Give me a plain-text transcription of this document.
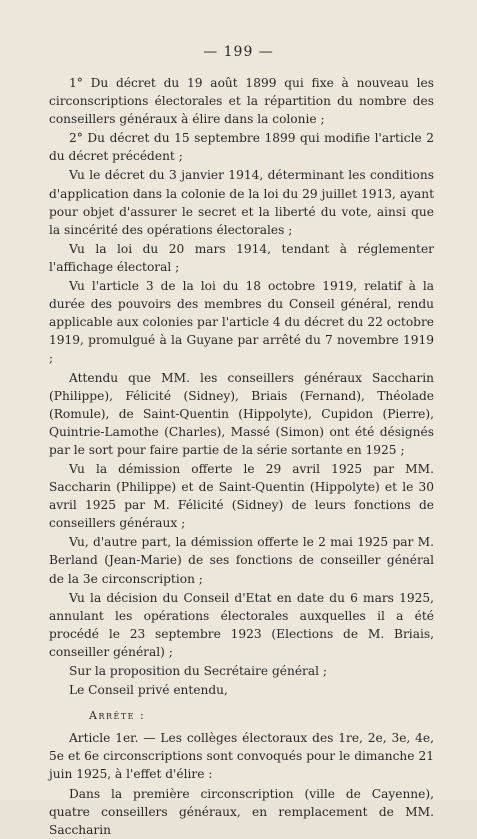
— 199 —

1° Du décret du 19 août 1899 qui fixe à nouveau les circonscriptions électorales et la répartition du nombre des conseillers généraux à élire dans la colonie ;

2° Du décret du 15 septembre 1899 qui modifie l'article 2 du décret précédent ;

Vu le décret du 3 janvier 1914, déterminant les conditions d'application dans la colonie de la loi du 29 juillet 1913, ayant pour objet d'assurer le secret et la liberté du vote, ainsi que la sincérité des opérations électorales ;

Vu la loi du 20 mars 1914, tendant à réglementer l'affichage électoral ;

Vu l'article 3 de la loi du 18 octobre 1919, relatif à la durée des pouvoirs des membres du Conseil général, rendu applicable aux colonies par l'article 4 du décret du 22 octobre 1919, promulgué à la Guyane par arrêté du 7 novembre 1919 ;

Attendu que MM. les conseillers généraux Saccharin (Philippe), Félicité (Sidney), Briais (Fernand), Théolade (Romule), de Saint-Quentin (Hippolyte), Cupidon (Pierre), Quintrie-Lamothe (Charles), Massé (Simon) ont été désignés par le sort pour faire partie de la série sortante en 1925 ;

Vu la démission offerte le 29 avril 1925 par MM. Saccharin (Philippe) et de Saint-Quentin (Hippolyte) et le 30 avril 1925 par M. Félicité (Sidney) de leurs fonctions de conseillers généraux ;

Vu, d'autre part, la démission offerte le 2 mai 1925 par M. Berland (Jean-Marie) de ses fonctions de conseiller général de la 3e circonscription ;

Vu la décision du Conseil d'Etat en date du 6 mars 1925, annulant les opérations électorales auxquelles il a été procédé le 23 septembre 1923 (Elections de M. Briais, conseiller général) ;

Sur la proposition du Secrétaire général ;

Le Conseil privé entendu,

Arrête :

Article 1er. — Les collèges électoraux des 1re, 2e, 3e, 4e, 5e et 6e circonscriptions sont convoqués pour le dimanche 21 juin 1925, à l'effet d'élire :

Dans la première circonscription (ville de Cayenne), quatre conseillers généraux, en remplacement de MM. Saccharin
